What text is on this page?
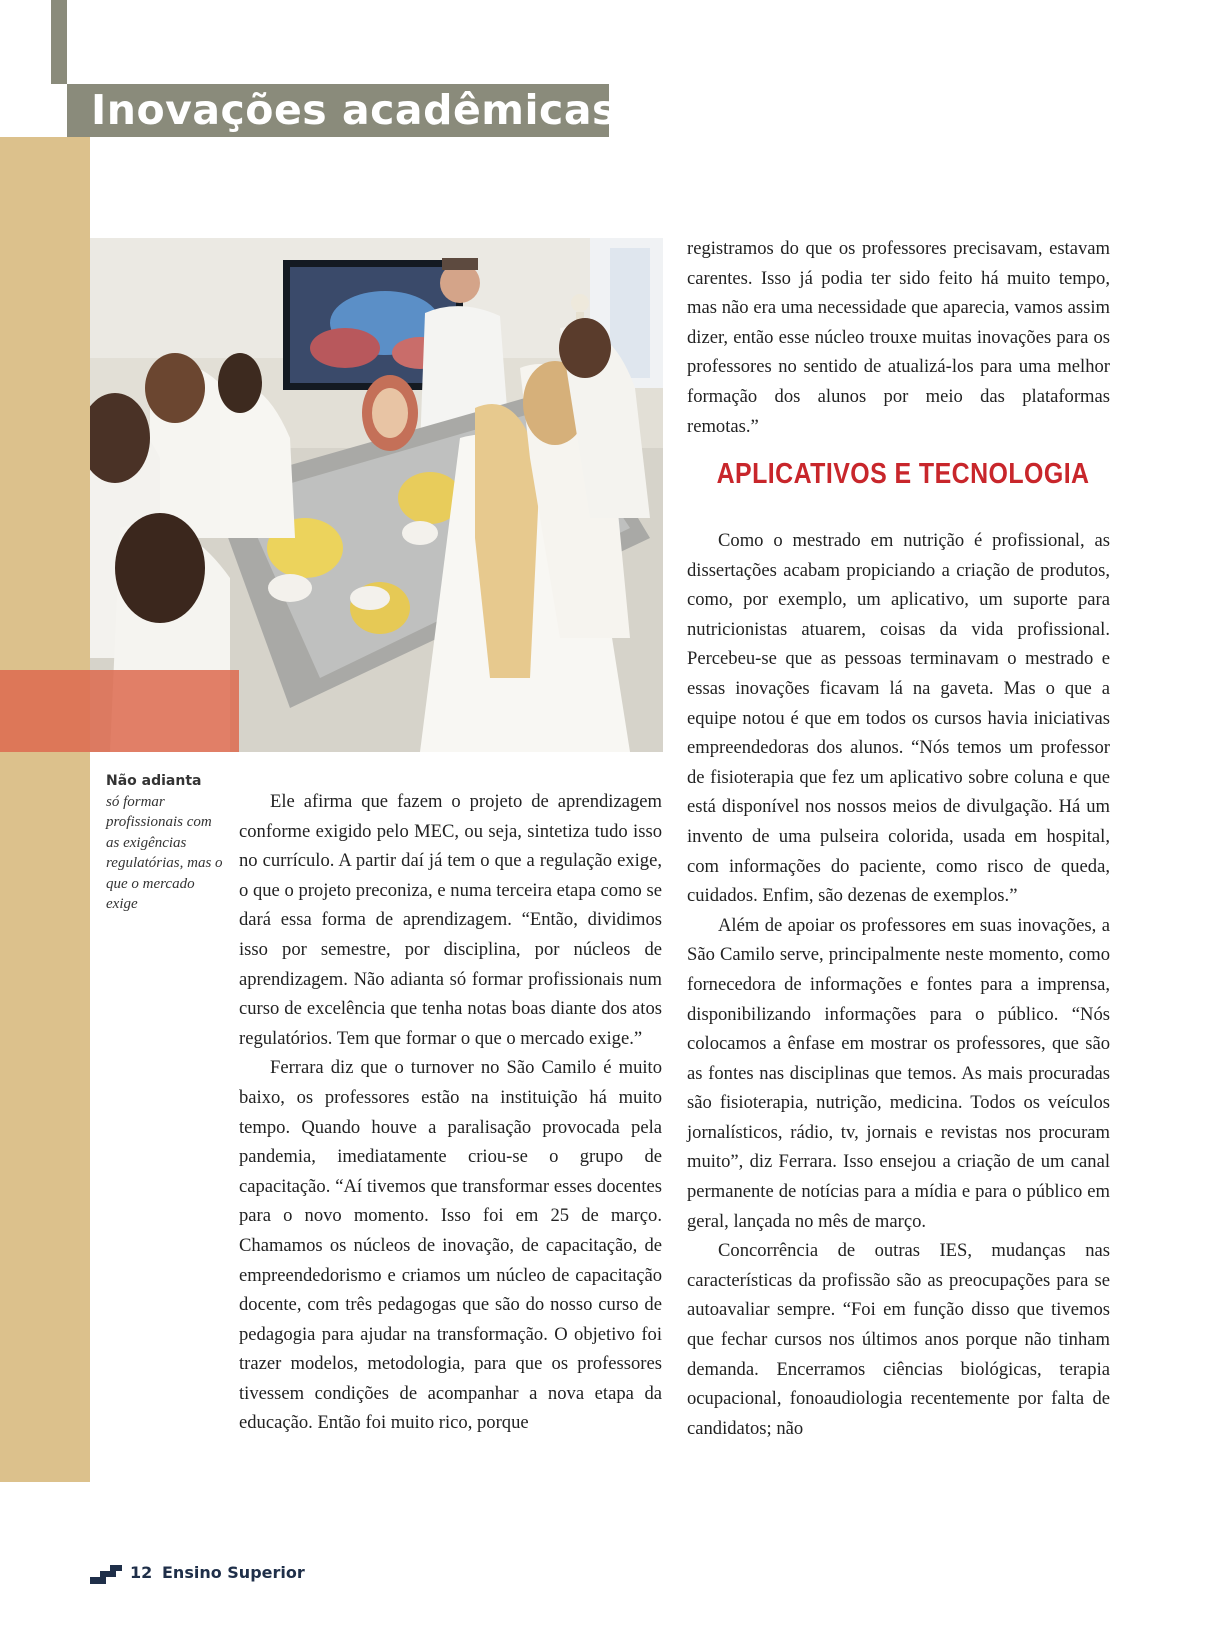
Inovações acadêmicas
Não adianta
só formar profissionais com as exigências regulatórias, mas o que o mercado exige

Ele afirma que fazem o projeto de aprendizagem conforme exigido pelo MEC, ou seja, sintetiza tudo isso no currículo. A partir daí já tem o que a regulação exige, o que o projeto preconiza, e numa terceira etapa como se dará essa forma de aprendizagem. “Então, dividimos isso por semestre, por disciplina, por núcleos de aprendizagem. Não adianta só formar profissionais num curso de excelência que tenha notas boas diante dos atos regulatórios. Tem que formar o que o mercado exige.”

Ferrara diz que o turnover no São Camilo é muito baixo, os professores estão na instituição há muito tempo. Quando houve a paralisação provocada pela pandemia, imediatamente criou-se o grupo de capacitação. “Aí tivemos que transformar esses docentes para o novo momento. Isso foi em 25 de março. Chamamos os núcleos de inovação, de capacitação, de empreendedorismo e criamos um núcleo de capacitação docente, com três pedagogas que são do nosso curso de pedagogia para ajudar na transformação. O objetivo foi trazer modelos, metodologia, para que os professores tivessem condições de acompanhar a nova etapa da educação. Então foi muito rico, porque

registramos do que os professores precisavam, estavam carentes. Isso já podia ter sido feito há muito tempo, mas não era uma necessidade que aparecia, vamos assim dizer, então esse núcleo trouxe muitas inovações para os professores no sentido de atualizá-los para uma melhor formação dos alunos por meio das plataformas remotas.”

APLICATIVOS E TECNOLOGIA

Como o mestrado em nutrição é profissional, as dissertações acabam propiciando a criação de produtos, como, por exemplo, um aplicativo, um suporte para nutricionistas atuarem, coisas da vida profissional. Percebeu-se que as pessoas terminavam o mestrado e essas inovações ficavam lá na gaveta. Mas o que a equipe notou é que em todos os cursos havia iniciativas empreendedoras dos alunos. “Nós temos um professor de fisioterapia que fez um aplicativo sobre coluna e que está disponível nos nossos meios de divulgação. Há um invento de uma pulseira colorida, usada em hospital, com informações do paciente, como risco de queda, cuidados. Enfim, são dezenas de exemplos.”

Além de apoiar os professores em suas inovações, a São Camilo serve, principalmente neste momento, como fornecedora de informações e fontes para a imprensa, disponibilizando informações para o público. “Nós colocamos a ênfase em mostrar os professores, que são as fontes nas disciplinas que temos. As mais procuradas são fisioterapia, nutrição, medicina. Todos os veículos jornalísticos, rádio, tv, jornais e revistas nos procuram muito”, diz Ferrara. Isso ensejou a criação de um canal permanente de notícias para a mídia e para o público em geral, lançada no mês de março.

Concorrência de outras IES, mudanças nas características da profissão são as preocupações para se autoavaliar sempre. “Foi em função disso que tivemos que fechar cursos nos últimos anos porque não tinham demanda. Encerramos ciências biológicas, terapia ocupacional, fonoaudiologia recentemente por falta de candidatos; não

12 Ensino Superior
